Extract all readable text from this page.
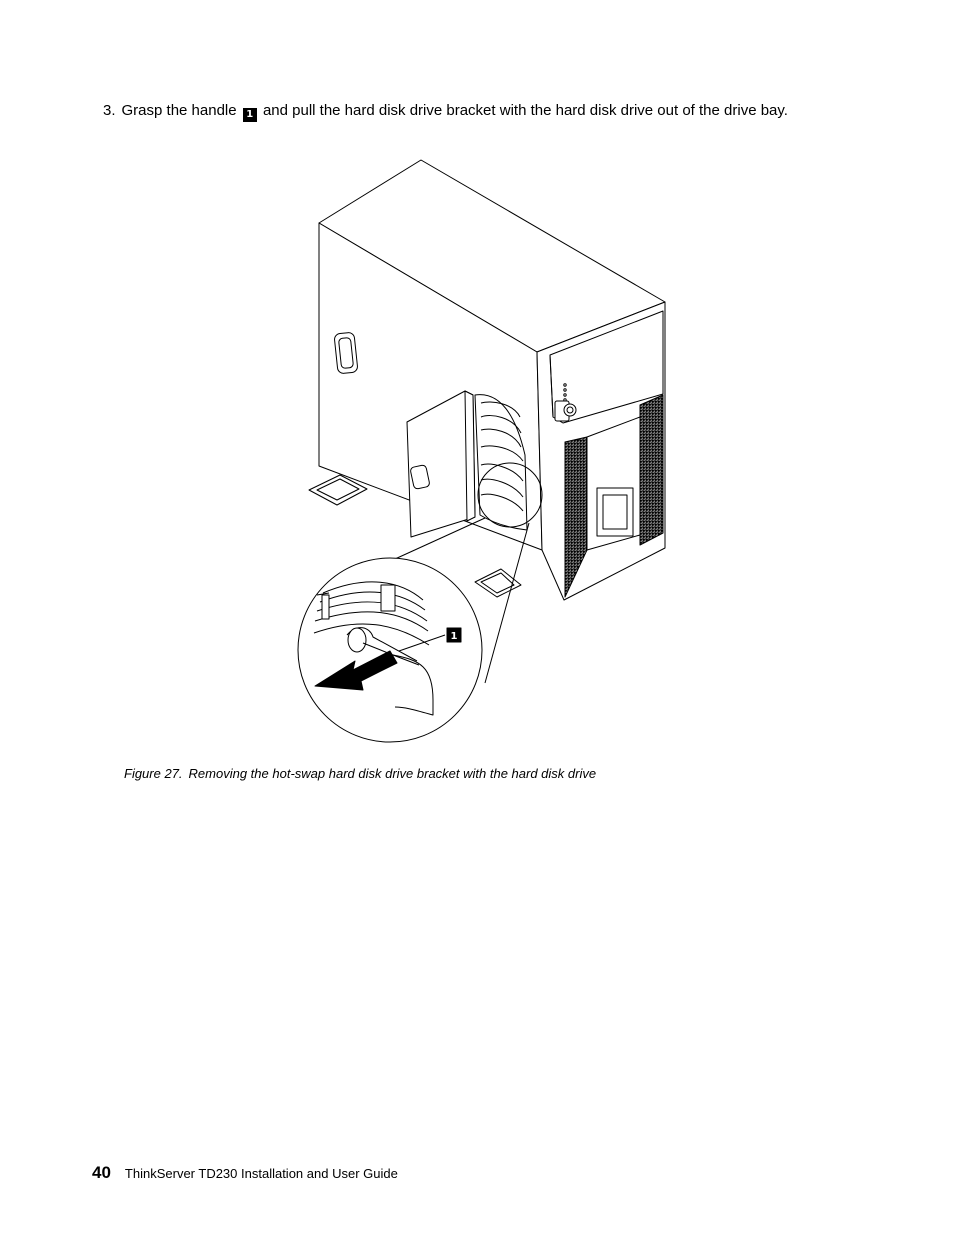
3. Grasp the handle 1 and pull the hard disk drive bracket with the hard disk drive out of the drive bay.
1
Figure 27. Removing the hot-swap hard disk drive bracket with the hard disk drive
40 ThinkServer TD230 Installation and User Guide
